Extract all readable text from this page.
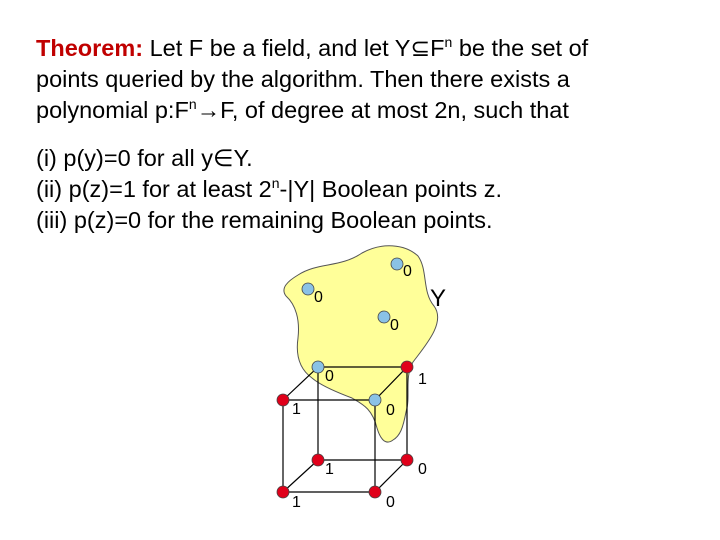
Theorem: Let F be a field, and let $Y⊆F^n$ be the set of
points queried by the algorithm. Then there exists a
polynomial $p:F^n\to F$, of degree at most 2n, such that

(i) p(y)=0 for all y∈Y.
(ii) p(z)=1 for at least 2$^n$-|Y| Boolean points z.
(iii) p(z)=0 for the remaining Boolean points.

0
0
0
Y
0	1
1	0
1	0
1	0
